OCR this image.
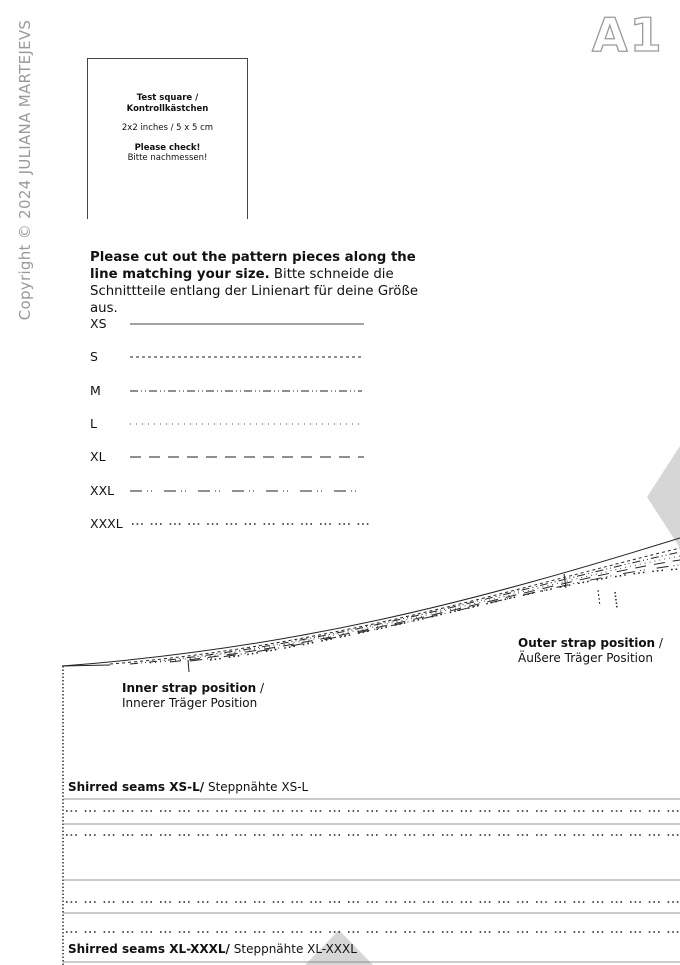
Copyright © 2024 JULIANA MARTEJEVS	A1
Test square /
Kontrollkästchen
2x2 inches / 5 x 5 cm
Please check!
Bitte nachmessen!
Please cut out the pattern pieces along the line matching your size. Bitte schneide die Schnittteile entlang der Linienart für deine Größe aus.
XS
S
M
L
XL
XXL
XXXL
Outer strap position /
Äußere Träger Position
Inner strap position /
Innerer Träger Position
Shirred seams XS-L/ Steppnähte XS-L
Shirred seams XL-XXXL/ Steppnähte XL-XXXL
